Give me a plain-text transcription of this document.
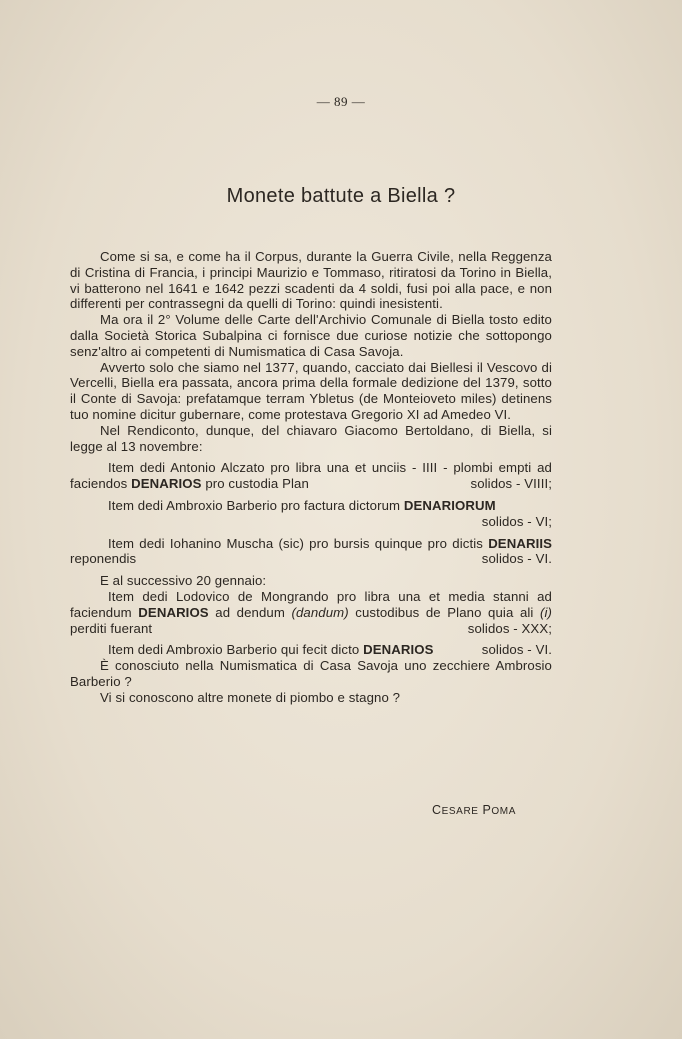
— 89 —
Monete battute a Biella ?

Come si sa, e come ha il Corpus, durante la Guerra Civile, nella Reggenza di Cristina di Francia, i principi Maurizio e Tommaso, ritiratosi da Torino in Biella, vi batterono nel 1641 e 1642 pezzi scadenti da 4 soldi, fusi poi alla pace, e non differenti per contrassegni da quelli di Torino: quindi inesistenti.

Ma ora il 2° Volume delle Carte dell'Archivio Comunale di Biella tosto edito dalla Società Storica Subalpina ci fornisce due curiose notizie che sottopongo senz'altro ai competenti di Numismatica di Casa Savoja.

Avverto solo che siamo nel 1377, quando, cacciato dai Biellesi il Vescovo di Vercelli, Biella era passata, ancora prima della formale dedizione del 1379, sotto il Conte di Savoja: prefatamque terram Ybletus (de Monteioveto miles) detinens tuo nomine dicitur gubernare, come protestava Gregorio XI ad Amedeo VI.

Nel Rendiconto, dunque, del chiavaro Giacomo Bertoldano, di Biella, si legge al 13 novembre:

Item dedi Antonio Alczato pro libra una et unciis - IIII - plombi empti ad faciendos DENARIOS pro custodia Plan	solidos - VIIII;

Item dedi Ambroxio Barberio pro factura dictorum DENARIORUM
solidos - VI;

Item dedi Iohanino Muscha (sic) pro bursis quinque pro dictis DENARIIS reponendis	solidos - VI.

E al successivo 20 gennaio:

Item dedi Lodovico de Mongrando pro libra una et media stanni ad faciendum DENARIOS ad dendum (dandum) custodibus de Plano quia ali (i) perditi fuerant	solidos - XXX;

Item dedi Ambroxio Barberio qui fecit dicto DENARIOS	solidos - VI.

È conosciuto nella Numismatica di Casa Savoja uno zecchiere Ambrosio Barberio ?

Vi si conoscono altre monete di piombo e stagno ?

CESARE POMA
